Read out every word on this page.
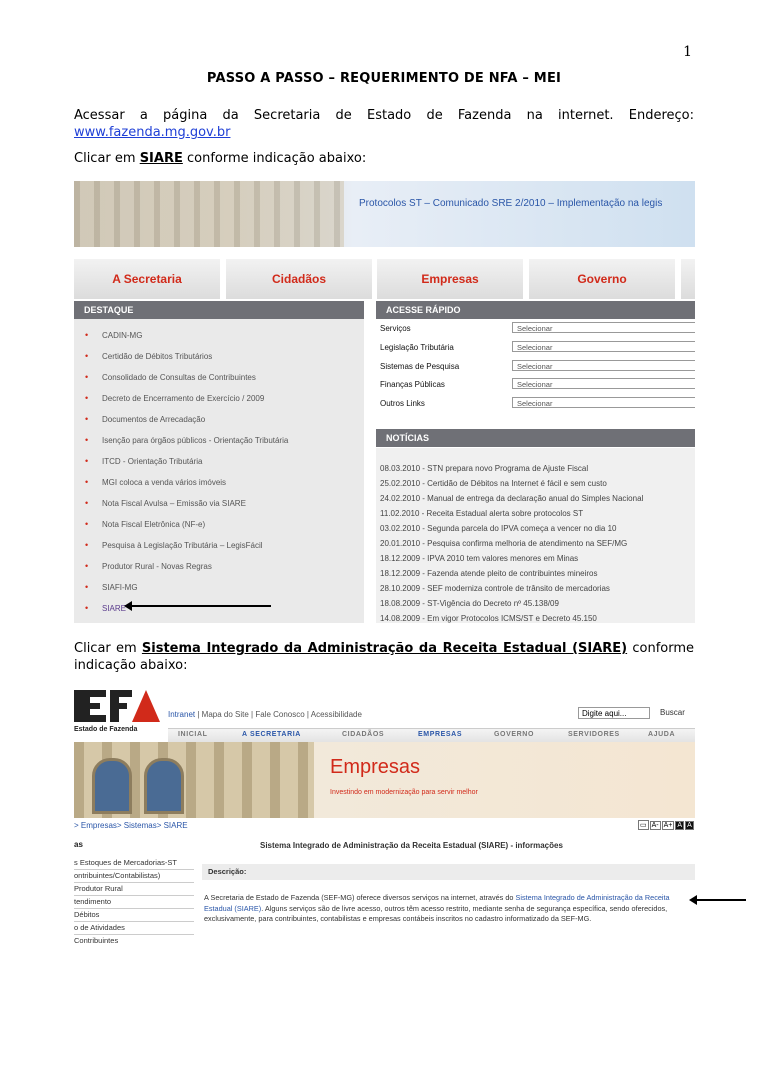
1
PASSO A PASSO – REQUERIMENTO DE NFA – MEI
Acessar a página da Secretaria de Estado de Fazenda na internet. Endereço:
www.fazenda.mg.gov.br
Clicar em SIARE conforme indicação abaixo:
Protocolos ST – Comunicado SRE 2/2010 – Implementação na legis
A Secretaria	Cidadãos	Empresas	Governo
DESTAQUE
• CADIN-MG
• Certidão de Débitos Tributários
• Consolidado de Consultas de Contribuintes
• Decreto de Encerramento de Exercício / 2009
• Documentos de Arrecadação
• Isenção para órgãos públicos - Orientação Tributária
• ITCD - Orientação Tributária
• MGI coloca a venda vários imóveis
• Nota Fiscal Avulsa – Emissão via SIARE
• Nota Fiscal Eletrônica (NF-e)
• Pesquisa à Legislação Tributária – LegisFácil
• Produtor Rural - Novas Regras
• SIAFI-MG
• SIARE
ACESSE RÁPIDO
Serviços	Selecionar
Legislação Tributária	Selecionar
Sistemas de Pesquisa	Selecionar
Finanças Públicas	Selecionar
Outros Links	Selecionar
NOTÍCIAS
08.03.2010 - STN prepara novo Programa de Ajuste Fiscal
25.02.2010 - Certidão de Débitos na Internet é fácil e sem custo
24.02.2010 - Manual de entrega da declaração anual do Simples Nacional
11.02.2010 - Receita Estadual alerta sobre protocolos ST
03.02.2010 - Segunda parcela do IPVA começa a vencer no dia 10
20.01.2010 - Pesquisa confirma melhoria de atendimento na SEF/MG
18.12.2009 - IPVA 2010 tem valores menores em Minas
18.12.2009 - Fazenda atende pleito de contribuintes mineiros
28.10.2009 - SEF moderniza controle de trânsito de mercadorias
18.08.2009 - ST-Vigência do Decreto nº 45.138/09
14.08.2009 - Em vigor Protocolos ICMS/ST e Decreto 45.150
Clicar em Sistema Integrado da Administração da Receita Estadual (SIARE) conforme
indicação abaixo:
Estado de Fazenda
Intranet | Mapa do Site | Fale Conosco | Acessibilidade	Digite aqui...	Buscar
INICIAL	A SECRETARIA	CIDADÃOS	EMPRESAS	GOVERNO	SERVIDORES	AJUDA
Empresas
Investindo em modernização para servir melhor
> Empresas> Sistemas> SIARE	▭ A- A+ A A
as
s Estoques de Mercadorias-ST
ontribuintes/Contabilistas)
Produtor Rural
tendimento
Débitos
o de Atividades
Contribuintes
Sistema Integrado de Administração da Receita Estadual (SIARE) - informações
Descrição:
A Secretaria de Estado de Fazenda (SEF-MG) oferece diversos serviços na internet, através do Sistema Integrado de Administração da Receita Estadual (SIARE). Alguns serviços são de livre acesso, outros têm acesso restrito, mediante senha de segurança específica, sendo oferecidos, exclusivamente, para contribuintes, contabilistas e empresas contábeis inscritos no cadastro informatizado da SEF-MG.
